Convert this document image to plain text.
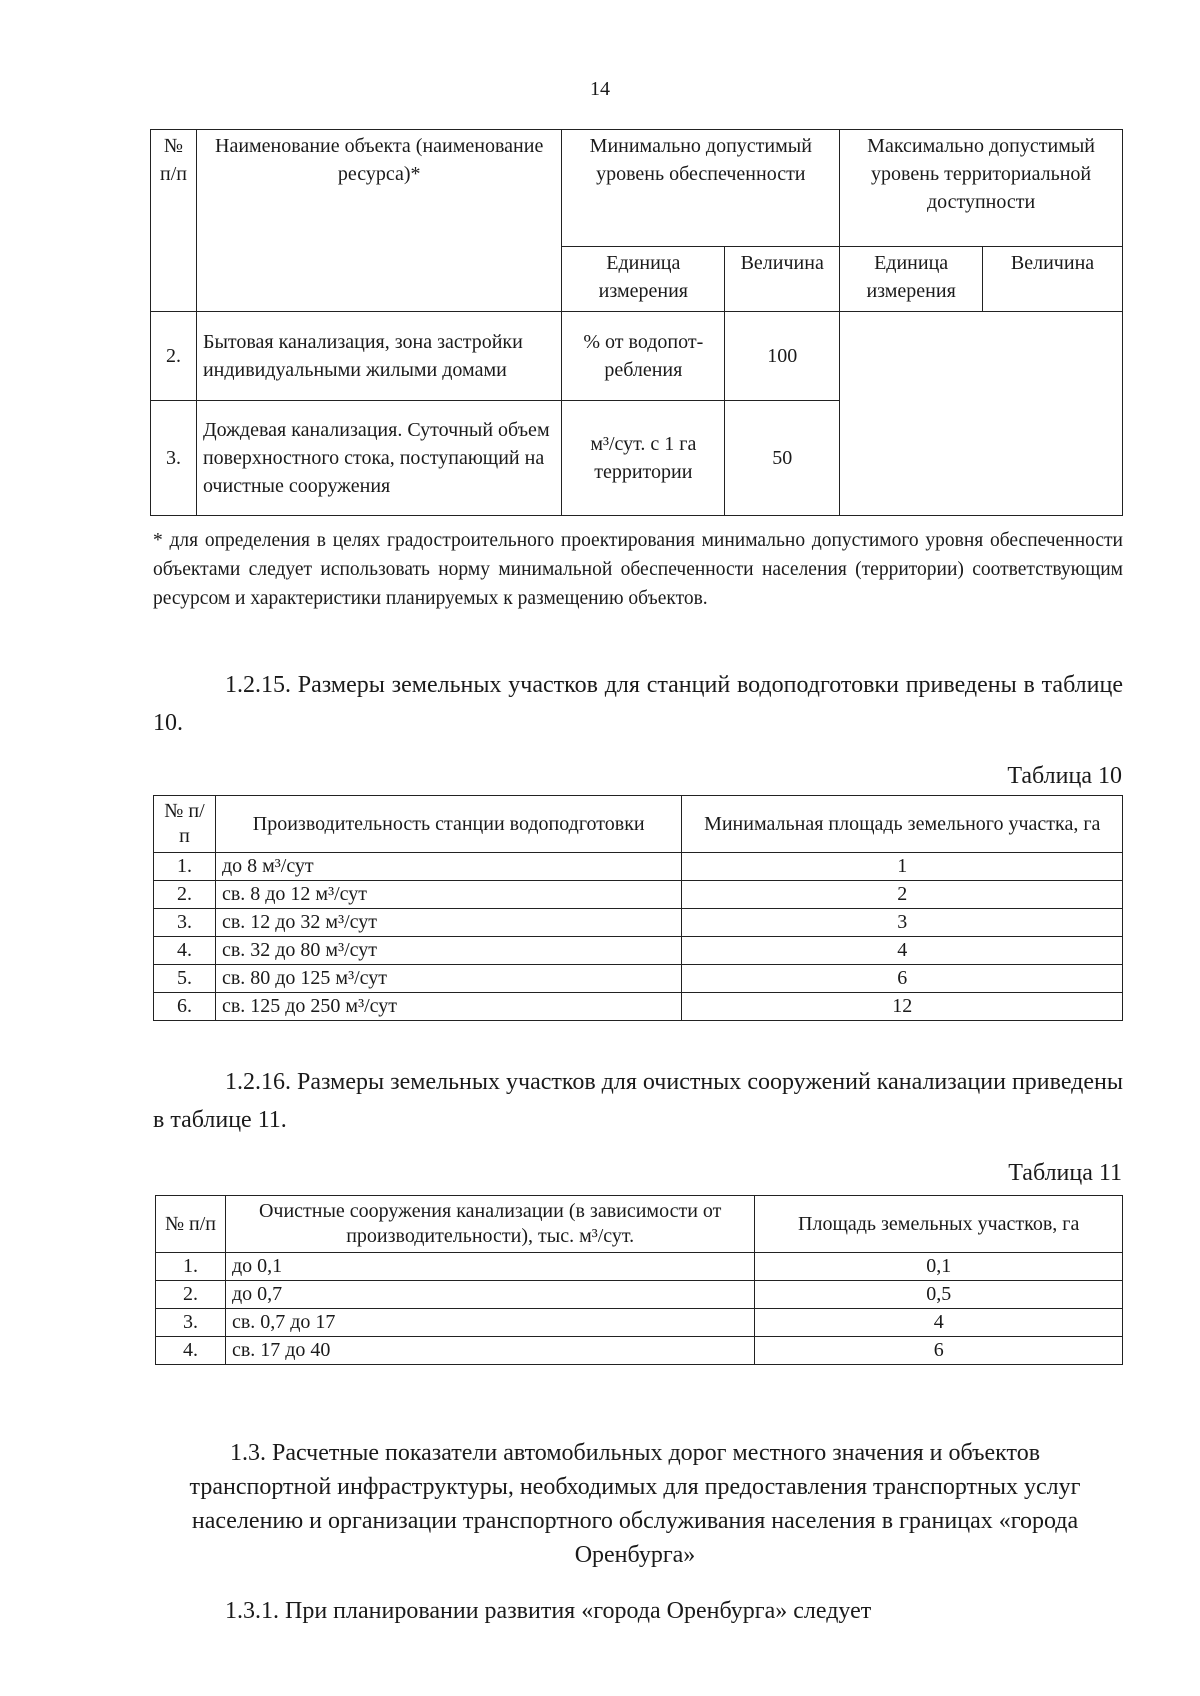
14
№ п/п	Наименование объекта (наименование ресурса)*	Минимально допустимый уровень обеспеченности		Максимально допустимый уровень территориальной доступности	
		Единица измерения	Величина	Единица измерения	Величина
2.	Бытовая канализация, зона застройки индивидуальными жилыми домами	% от водопот-ребления	100		
3.	Дождевая канализация. Суточный объем поверхностного стока, поступающий на очистные сооружения	м³/сут. с 1 га территории	50		
* для определения в целях градостроительного проектирования минимально допустимого уровня обеспеченности объектами следует использовать норму минимальной обеспеченности населения (территории) соответствующим ресурсом и характеристики планируемых к размещению объектов.
1.2.15. Размеры земельных участков для станций водоподготовки приведены в таблице 10.
Таблица 10
№ п/п	Производительность станции водоподготовки	Минимальная площадь земельного участка, га
1.	до 8 м³/сут	1
2.	св. 8 до 12 м³/сут	2
3.	св. 12 до 32 м³/сут	3
4.	св. 32 до 80 м³/сут	4
5.	св. 80 до 125 м³/сут	6
6.	св. 125 до 250 м³/сут	12
1.2.16. Размеры земельных участков для очистных сооружений канализации приведены в таблице 11.
Таблица 11
№ п/п	Очистные сооружения канализации (в зависимости от производительности), тыс. м³/сут.	Площадь земельных участков, га
1.	до 0,1	0,1
2.	до 0,7	0,5
3.	св. 0,7 до 17	4
4.	св. 17 до 40	6
1.3. Расчетные показатели автомобильных дорог местного значения и объектов транспортной инфраструктуры, необходимых для предоставления транспортных услуг населению и организации транспортного обслуживания населения в границах «города Оренбурга»
1.3.1. При планировании развития «города Оренбурга» следует
